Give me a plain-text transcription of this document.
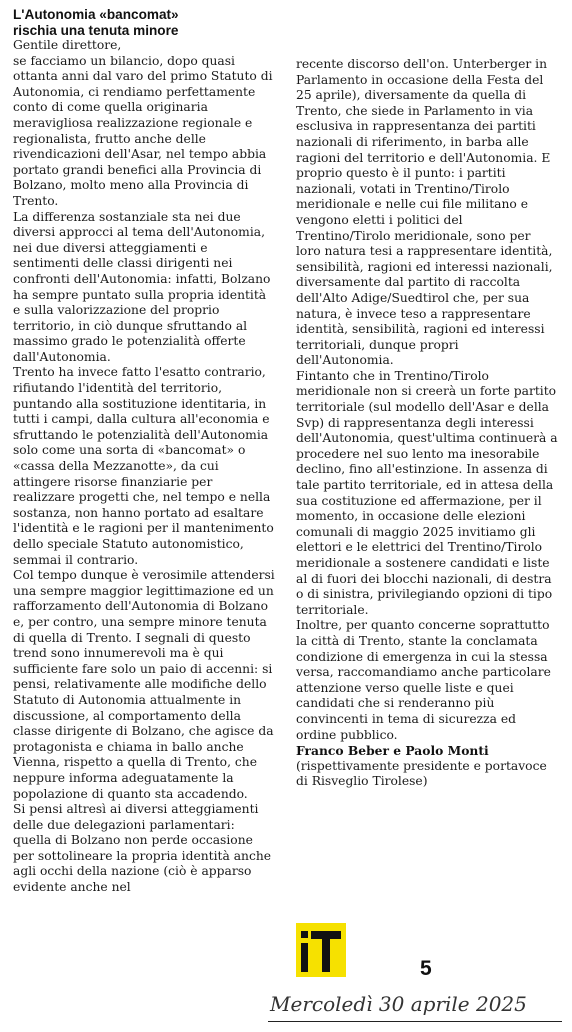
L'Autonomia «bancomat»
rischia una tenuta minore

Gentile direttore,

se facciamo un bilancio, dopo quasi ottanta anni dal varo del primo Statuto di Autonomia, ci rendiamo perfettamente conto di come quella originaria meravigliosa realizzazione regionale e regionalista, frutto anche delle rivendicazioni dell'Asar, nel tempo abbia portato grandi benefici alla Provincia di Bolzano, molto meno alla Provincia di Trento.

La differenza sostanziale sta nei due diversi approcci al tema dell'Autonomia, nei due diversi atteggiamenti e sentimenti delle classi dirigenti nei confronti dell'Autonomia: infatti, Bolzano ha sempre puntato sulla propria identità e sulla valorizzazione del proprio territorio, in ciò dunque sfruttando al massimo grado le potenzialità offerte dall'Autonomia.

Trento ha invece fatto l'esatto contrario, rifiutando l'identità del territorio, puntando alla sostituzione identitaria, in tutti i campi, dalla cultura all'economia e sfruttando le potenzialità dell'Autonomia solo come una sorta di «bancomat» o «cassa della Mezzanotte», da cui attingere risorse finanziarie per realizzare progetti che, nel tempo e nella sostanza, non hanno portato ad esaltare l'identità e le ragioni per il mantenimento dello speciale Statuto autonomistico, semmai il contrario.

Col tempo dunque è verosimile attendersi una sempre maggior legittimazione ed un rafforzamento dell'Autonomia di Bolzano e, per contro, una sempre minore tenuta di quella di Trento. I segnali di questo trend sono innumerevoli ma è qui sufficiente fare solo un paio di accenni: si pensi, relativamente alle modifiche dello Statuto di Autonomia attualmente in discussione, al comportamento della classe dirigente di Bolzano, che agisce da protagonista e chiama in ballo anche Vienna, rispetto a quella di Trento, che neppure informa adeguatamente la popolazione di quanto sta accadendo.

Si pensi altresì ai diversi atteggiamenti delle due delegazioni parlamentari: quella di Bolzano non perde occasione per sottolineare la propria identità anche agli occhi della nazione (ciò è apparso evidente anche nel

recente discorso dell'on. Unterberger in Parlamento in occasione della Festa del 25 aprile), diversamente da quella di Trento, che siede in Parlamento in via esclusiva in rappresentanza dei partiti nazionali di riferimento, in barba alle ragioni del territorio e dell'Autonomia. E proprio questo è il punto: i partiti nazionali, votati in Trentino/Tirolo meridionale e nelle cui file militano e vengono eletti i politici del Trentino/Tirolo meridionale, sono per loro natura tesi a rappresentare identità, sensibilità, ragioni ed interessi nazionali, diversamente dal partito di raccolta dell'Alto Adige/Suedtirol che, per sua natura, è invece teso a rappresentare identità, sensibilità, ragioni ed interessi territoriali, dunque propri dell'Autonomia.

Fintanto che in Trentino/Tirolo meridionale non si creerà un forte partito territoriale (sul modello dell'Asar e della Svp) di rappresentanza degli interessi dell'Autonomia, quest'ultima continuerà a procedere nel suo lento ma inesorabile declino, fino all'estinzione. In assenza di tale partito territoriale, ed in attesa della sua costituzione ed affermazione, per il momento, in occasione delle elezioni comunali di maggio 2025 invitiamo gli elettori e le elettrici del Trentino/Tirolo meridionale a sostenere candidati e liste al di fuori dei blocchi nazionali, di destra o di sinistra, privilegiando opzioni di tipo territoriale.

Inoltre, per quanto concerne soprattutto la città di Trento, stante la conclamata condizione di emergenza in cui la stessa versa, raccomandiamo anche particolare attenzione verso quelle liste e quei candidati che si renderanno più convincenti in tema di sicurezza ed ordine pubblico.

Franco Beber e Paolo Monti

(rispettivamente presidente e portavoce di Risveglio Tirolese)

5
Mercoledì 30 aprile 2025
